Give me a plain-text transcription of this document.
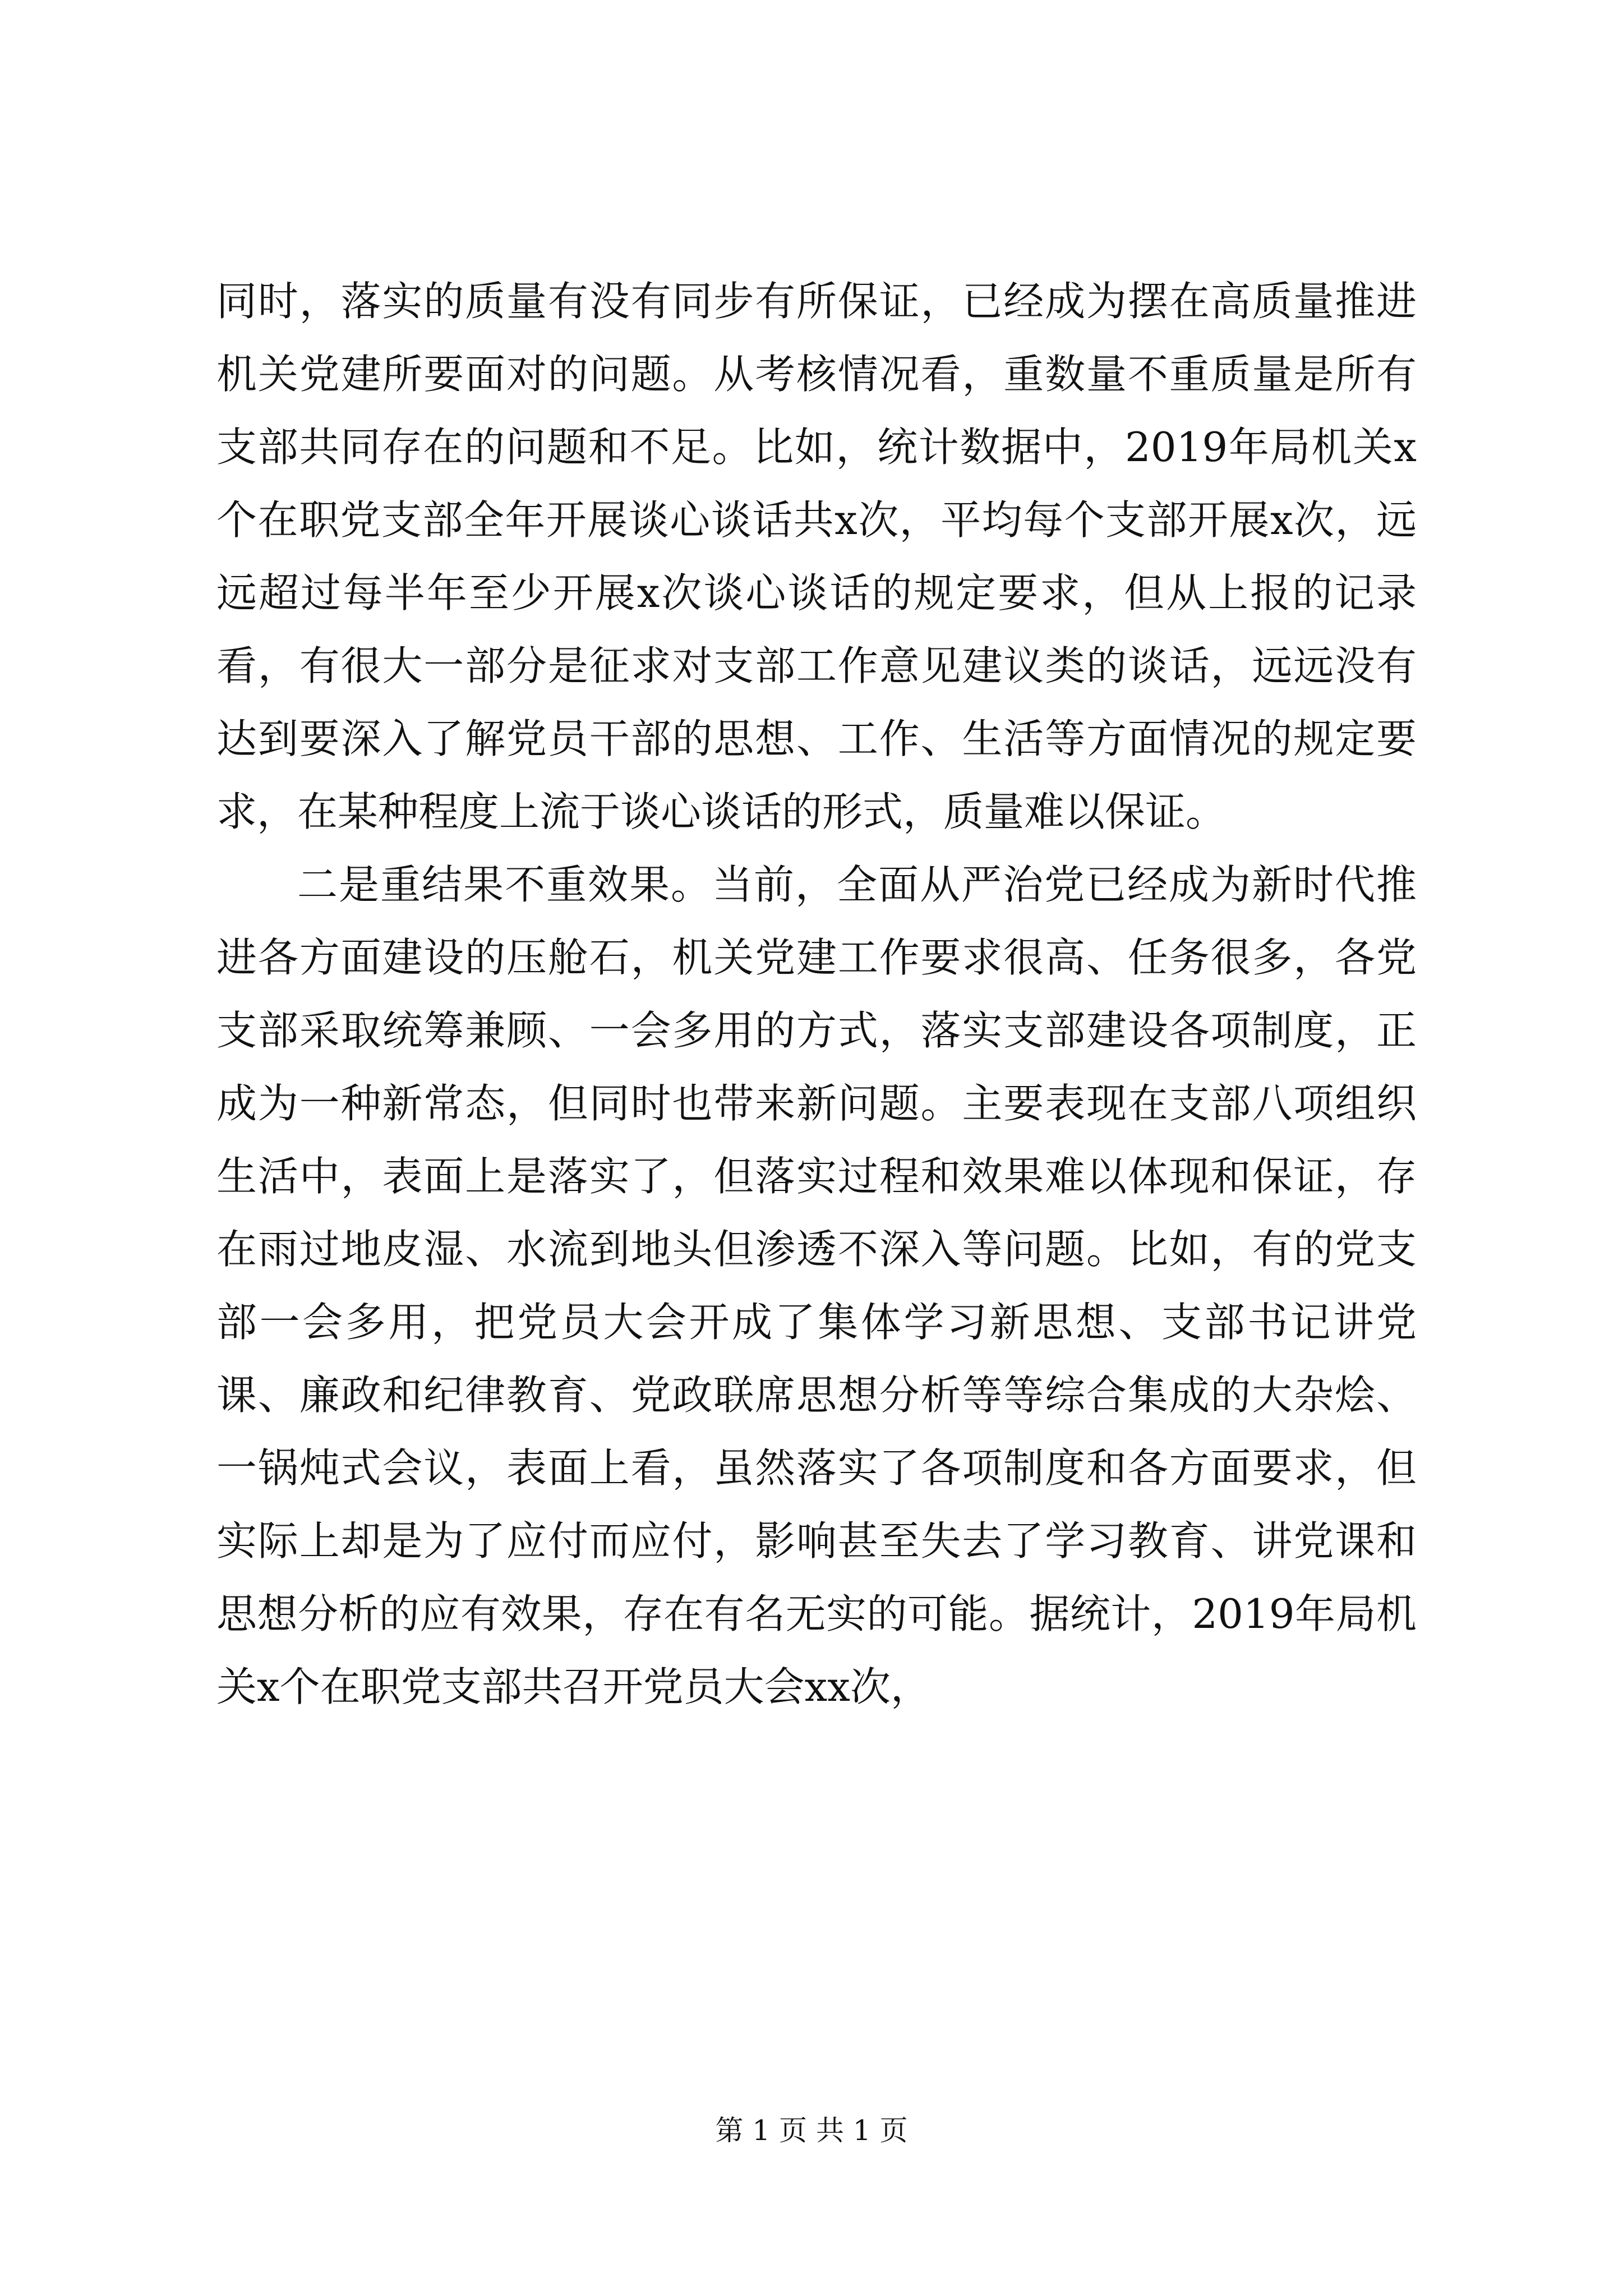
同时，落实的质量有没有同步有所保证，已经成为摆在高质量推进机关党建所要面对的问题。从考核情况看，重数量不重质量是所有支部共同存在的问题和不足。比如，统计数据中，2019年局机关x个在职党支部全年开展谈心谈话共x次，平均每个支部开展x次，远远超过每半年至少开展x次谈心谈话的规定要求，但从上报的记录看，有很大一部分是征求对支部工作意见建议类的谈话，远远没有达到要深入了解党员干部的思想、工作、生活等方面情况的规定要求，在某种程度上流于谈心谈话的形式，质量难以保证。

二是重结果不重效果。当前，全面从严治党已经成为新时代推进各方面建设的压舱石，机关党建工作要求很高、任务很多，各党支部采取统筹兼顾、一会多用的方式，落实支部建设各项制度，正成为一种新常态，但同时也带来新问题。主要表现在支部八项组织生活中，表面上是落实了，但落实过程和效果难以体现和保证，存在雨过地皮湿、水流到地头但渗透不深入等问题。比如，有的党支部一会多用，把党员大会开成了集体学习新思想、支部书记讲党课、廉政和纪律教育、党政联席思想分析等等综合集成的大杂烩、一锅炖式会议，表面上看，虽然落实了各项制度和各方面要求，但实际上却是为了应付而应付，影响甚至失去了学习教育、讲党课和思想分析的应有效果，存在有名无实的可能。据统计，2019年局机关x个在职党支部共召开党员大会xx次，

第 1 页 共 1 页
